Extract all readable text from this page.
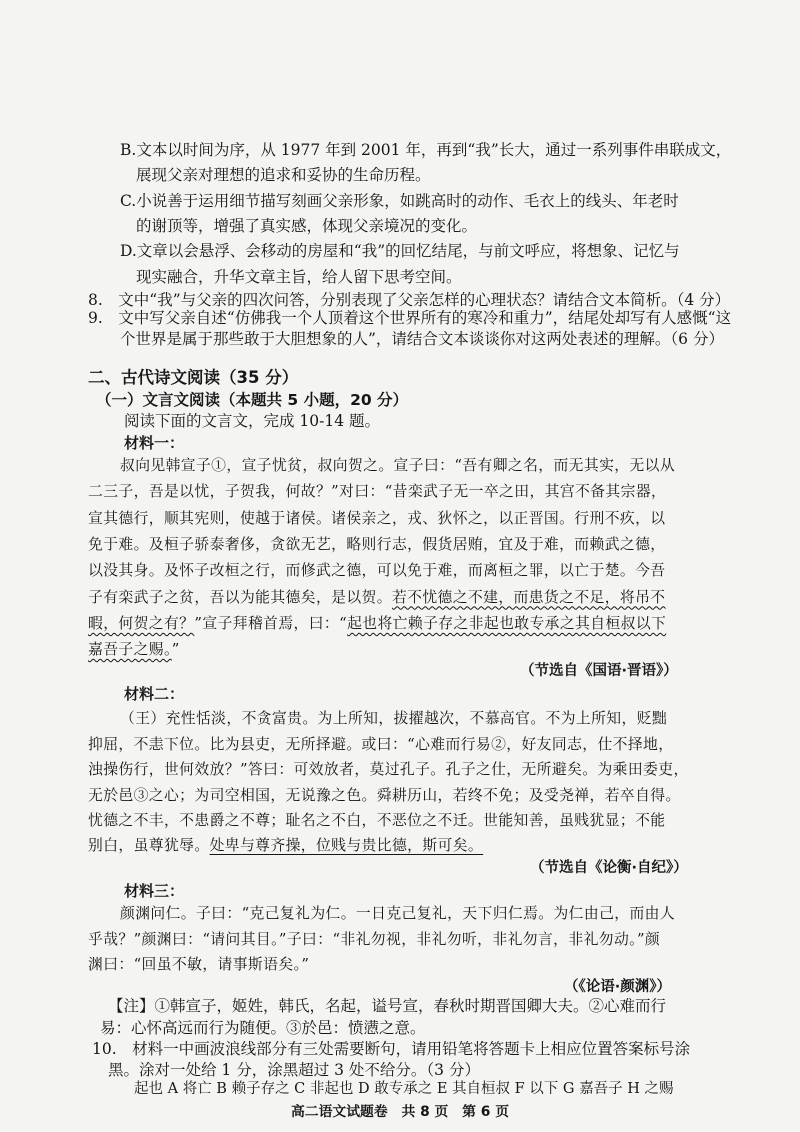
B.文本以时间为序，从 1977 年到 2001 年，再到“我”长大，通过一系列事件串联成文，
展现父亲对理想的追求和妥协的生命历程。
C.小说善于运用细节描写刻画父亲形象，如跳高时的动作、毛衣上的线头、年老时
的谢顶等，增强了真实感，体现父亲境况的变化。
D.文章以会悬浮、会移动的房屋和“我”的回忆结尾，与前文呼应，将想象、记忆与
现实融合，升华文章主旨，给人留下思考空间。
8.　文中“我”与父亲的四次问答，分别表现了父亲怎样的心理状态？请结合文本简析。（4 分）
9.　文中写父亲自述“仿佛我一个人顶着这个世界所有的寒冷和重力”，结尾处却写有人感慨“这
个世界是属于那些敢于大胆想象的人”，请结合文本谈谈你对这两处表述的理解。（6 分）
二、古代诗文阅读（35 分）
（一）文言文阅读（本题共 5 小题，20 分）
阅读下面的文言文，完成 10-14 题。
材料一：
叔向见韩宣子①，宣子忧贫，叔向贺之。宣子曰：“吾有卿之名，而无其实，无以从
二三子，吾是以忧，子贺我，何故？”对曰：“昔栾武子无一卒之田，其宫不备其宗器，
宣其德行，顺其宪则，使越于诸侯。诸侯亲之，戎、狄怀之，以正晋国。行刑不疚，以
免于难。及桓子骄泰奢侈，贪欲无艺，略则行志，假货居贿，宜及于难，而赖武之德，
以没其身。及怀子改桓之行，而修武之德，可以免于难，而离桓之罪，以亡于楚。今吾
子有栾武子之贫，吾以为能其德矣，是以贺。若不忧德之不建，而患货之不足，将吊不
暇，何贺之有？”宣子拜稽首焉，曰：“起也将亡赖子存之非起也敢专承之其自桓叔以下
嘉吾子之赐。”
（节选自《国语·晋语》）
材料二：
（王）充性恬淡，不贪富贵。为上所知，拔擢越次，不慕高官。不为上所知，贬黜
抑屈，不恚下位。比为县吏，无所择避。或曰：“心难而行易②，好友同志，仕不择地，
浊操伤行，世何效放？”答曰：可效放者，莫过孔子。孔子之仕，无所避矣。为乘田委吏，
无於邑③之心；为司空相国，无说豫之色。舜耕历山，若终不免；及受尧禅，若卒自得。
忧德之不丰，不患爵之不尊；耻名之不白，不恶位之不迁。世能知善，虽贱犹显；不能
别白，虽尊犹辱。处卑与尊齐操，位贱与贵比德，斯可矣。
（节选自《论衡·自纪》）
材料三：
颜渊问仁。子曰：“克己复礼为仁。一日克己复礼，天下归仁焉。为仁由己，而由人
乎哉？”颜渊曰：“请问其目。”子曰：“非礼勿视，非礼勿听，非礼勿言，非礼勿动。”颜
渊曰：“回虽不敏，请事斯语矣。”
（《论语·颜渊》）
【注】①韩宣子，姬姓，韩氏，名起，谥号宣，春秋时期晋国卿大夫。②心难而行
易：心怀高远而行为随便。③於邑：愤懑之意。
10.　材料一中画波浪线部分有三处需要断句，请用铅笔将答题卡上相应位置答案标号涂
黑。涂对一处给 1 分，涂黑超过 3 处不给分。（3 分）
起也 A 将亡 B 赖子存之 C 非起也 D 敢专承之 E 其自桓叔 F 以下 G 嘉吾子 H 之赐
高二语文试题卷　共 8 页　第 6 页
